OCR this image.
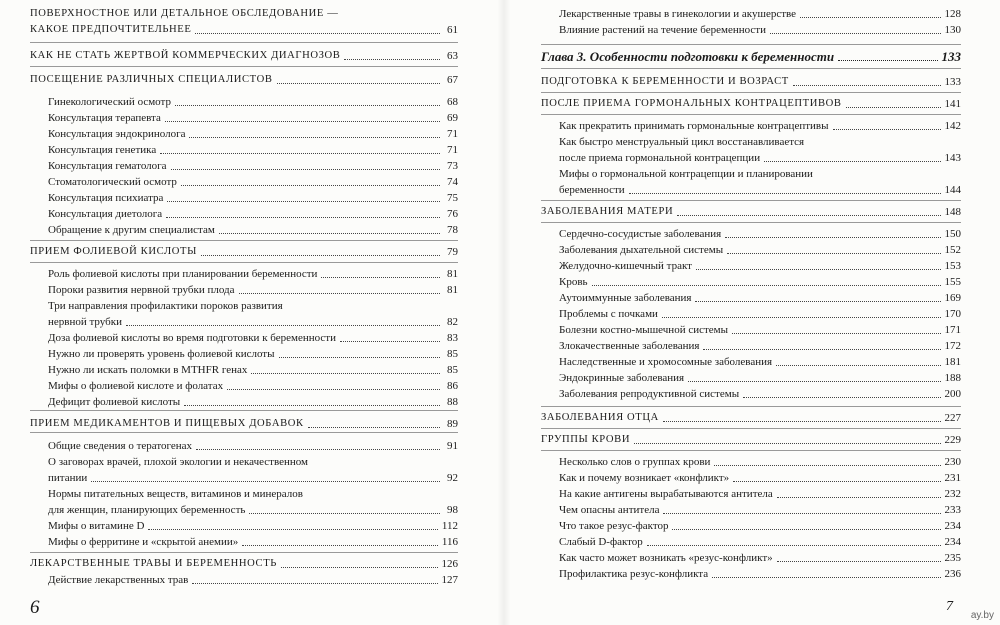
ПОВЕРХНОСТНОЕ ИЛИ ДЕТАЛЬНОЕ ОБСЛЕДОВАНИЕ —
КАКОЕ ПРЕДПОЧТИТЕЛЬНЕЕ	61
КАК НЕ СТАТЬ ЖЕРТВОЙ КОММЕРЧЕСКИХ ДИАГНОЗОВ	63
ПОСЕЩЕНИЕ РАЗЛИЧНЫХ СПЕЦИАЛИСТОВ	67
Гинекологический осмотр	68
Консультация терапевта	69
Консультация эндокринолога	71
Консультация генетика	71
Консультация гематолога	73
Стоматологический осмотр	74
Консультация психиатра	75
Консультация диетолога	76
Обращение к другим специалистам	78
ПРИЕМ ФОЛИЕВОЙ КИСЛОТЫ	79
Роль фолиевой кислоты при планировании беременности	81
Пороки развития нервной трубки плода	81
Три направления профилактики пороков развития
нервной трубки	82
Доза фолиевой кислоты во время подготовки к беременности	83
Нужно ли проверять уровень фолиевой кислоты	85
Нужно ли искать поломки в MTHFR генах	85
Мифы о фолиевой кислоте и фолатах	86
Дефицит фолиевой кислоты	88
ПРИЕМ МЕДИКАМЕНТОВ И ПИЩЕВЫХ ДОБАВОК	89
Общие сведения о тератогенах	91
О заговорах врачей, плохой экологии и некачественном
питании	92
Нормы питательных веществ, витаминов и минералов
для женщин, планирующих беременность	98
Мифы о витамине D	112
Мифы о ферритине и «скрытой анемии»	116
ЛЕКАРСТВЕННЫЕ ТРАВЫ И БЕРЕМЕННОСТЬ	126
Действие лекарственных трав	127
Лекарственные травы в гинекологии и акушерстве	128
Влияние растений на течение беременности	130
Глава 3. Особенности подготовки к беременности	133
ПОДГОТОВКА К БЕРЕМЕННОСТИ И ВОЗРАСТ	133
ПОСЛЕ ПРИЕМА ГОРМОНАЛЬНЫХ КОНТРАЦЕПТИВОВ	141
Как прекратить принимать гормональные контрацептивы	142
Как быстро менструальный цикл восстанавливается
после приема гормональной контрацепции	143
Мифы о гормональной контрацепции и планировании
беременности	144
ЗАБОЛЕВАНИЯ МАТЕРИ	148
Сердечно-сосудистые заболевания	150
Заболевания дыхательной системы	152
Желудочно-кишечный тракт	153
Кровь	155
Аутоиммунные заболевания	169
Проблемы с почками	170
Болезни костно-мышечной системы	171
Злокачественные заболевания	172
Наследственные и хромосомные заболевания	181
Эндокринные заболевания	188
Заболевания репродуктивной системы	200
ЗАБОЛЕВАНИЯ ОТЦА	227
ГРУППЫ КРОВИ	229
Несколько слов о группах крови	230
Как и почему возникает «конфликт»	231
На какие антигены вырабатываются антитела	232
Чем опасны антитела	233
Что такое резус-фактор	234
Слабый D-фактор	234
Как часто может возникать «резус-конфликт»	235
Профилактика резус-конфликта	236
6	7
ay.by
